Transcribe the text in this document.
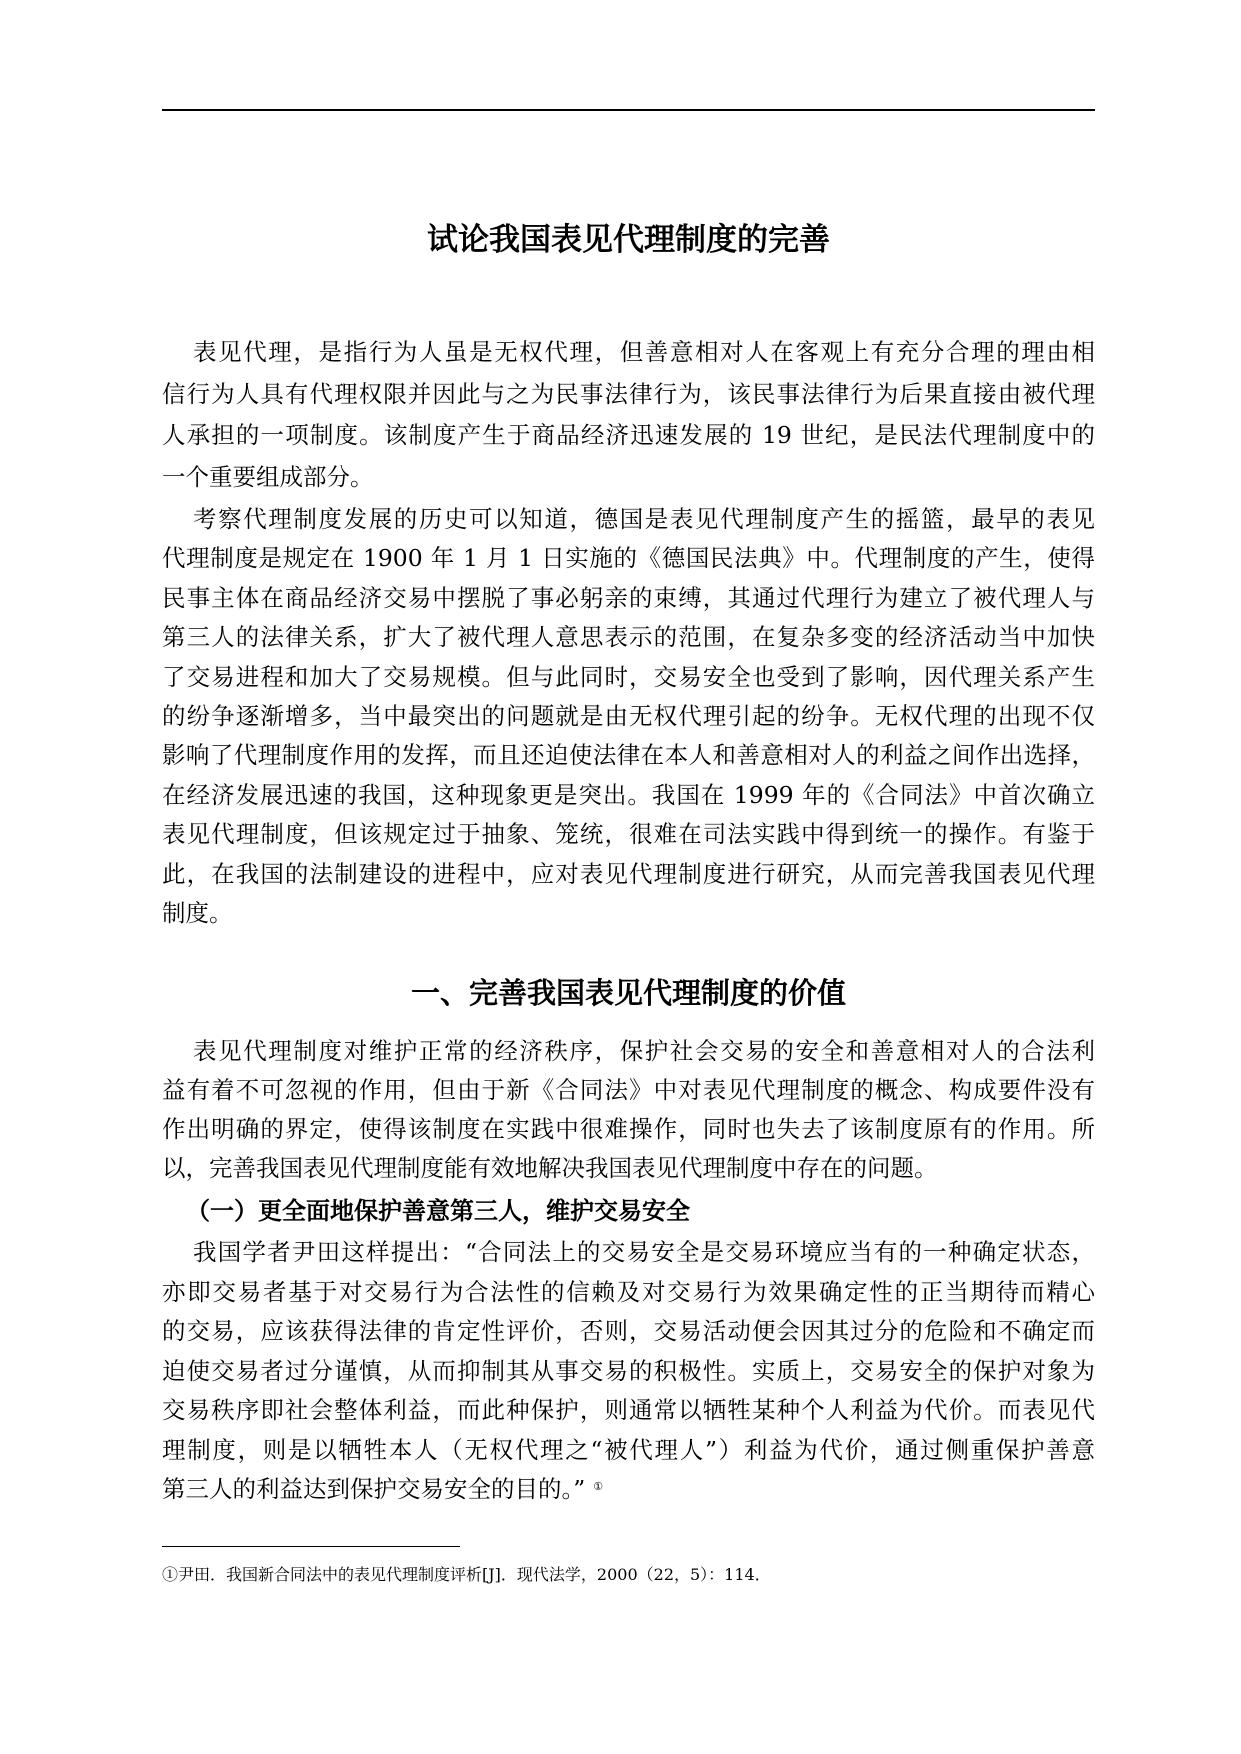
试论我国表见代理制度的完善
表见代理，是指行为人虽是无权代理，但善意相对人在客观上有充分合理的理由相
信行为人具有代理权限并因此与之为民事法律行为，该民事法律行为后果直接由被代理
人承担的一项制度。该制度产生于商品经济迅速发展的 19 世纪，是民法代理制度中的
一个重要组成部分。
考察代理制度发展的历史可以知道，德国是表见代理制度产生的摇篮，最早的表见
代理制度是规定在 1900 年 1 月 1 日实施的《德国民法典》中。代理制度的产生，使得
民事主体在商品经济交易中摆脱了事必躬亲的束缚，其通过代理行为建立了被代理人与
第三人的法律关系，扩大了被代理人意思表示的范围，在复杂多变的经济活动当中加快
了交易进程和加大了交易规模。但与此同时，交易安全也受到了影响，因代理关系产生
的纷争逐渐增多，当中最突出的问题就是由无权代理引起的纷争。无权代理的出现不仅
影响了代理制度作用的发挥，而且还迫使法律在本人和善意相对人的利益之间作出选择，
在经济发展迅速的我国，这种现象更是突出。我国在 1999 年的《合同法》中首次确立
表见代理制度，但该规定过于抽象、笼统，很难在司法实践中得到统一的操作。有鉴于
此，在我国的法制建设的进程中，应对表见代理制度进行研究，从而完善我国表见代理
制度。
一、完善我国表见代理制度的价值
表见代理制度对维护正常的经济秩序，保护社会交易的安全和善意相对人的合法利
益有着不可忽视的作用，但由于新《合同法》中对表见代理制度的概念、构成要件没有
作出明确的界定，使得该制度在实践中很难操作，同时也失去了该制度原有的作用。所
以，完善我国表见代理制度能有效地解决我国表见代理制度中存在的问题。
（一）更全面地保护善意第三人，维护交易安全
我国学者尹田这样提出：“合同法上的交易安全是交易环境应当有的一种确定状态，
亦即交易者基于对交易行为合法性的信赖及对交易行为效果确定性的正当期待而精心
的交易，应该获得法律的肯定性评价，否则，交易活动便会因其过分的危险和不确定而
迫使交易者过分谨慎，从而抑制其从事交易的积极性。实质上，交易安全的保护对象为
交易秩序即社会整体利益，而此种保护，则通常以牺牲某种个人利益为代价。而表见代
理制度，则是以牺牲本人（无权代理之“被代理人”）利益为代价，通过侧重保护善意
第三人的利益达到保护交易安全的目的。” ①
①尹田．我国新合同法中的表见代理制度评析[J]．现代法学，2000（22，5）：114．
